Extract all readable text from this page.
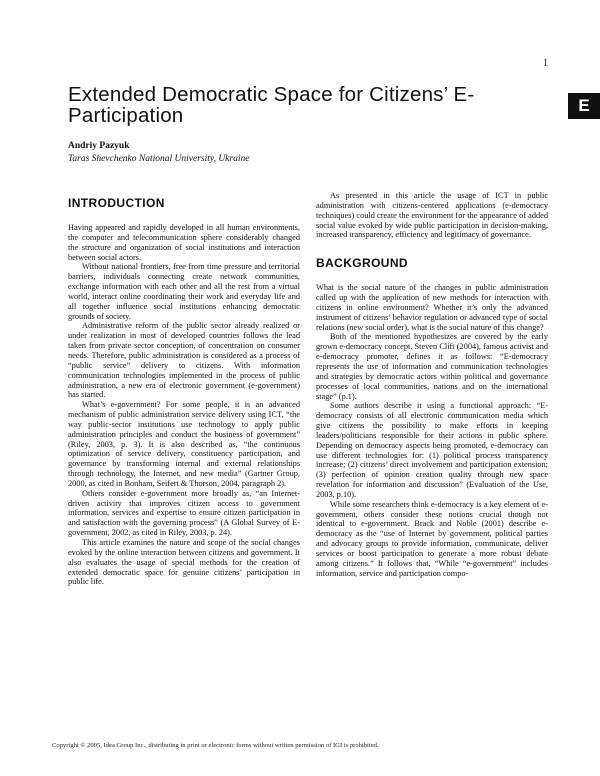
1
E
Extended Democratic Space for Citizens’ E-Participation
Andriy Pazyuk
Taras Shevchenko National University, Ukraine
INTRODUCTION

Having appeared and rapidly developed in all human environments, the computer and telecommunication sphere considerably changed the structure and organization of social institutions and interaction between social actors.

Without national frontiers, free from time pressure and territorial barriers, individuals connecting create network communities, exchange information with each other and all the rest from a virtual world, interact online coordinating their work and everyday life and all together influence social institutions enhancing democratic grounds of society.

Administrative reform of the public sector already realized or under realization in most of developed countries follows the lead taken from private sector conception, of concentration on consumer needs. Therefore, public administration is considered as a process of “public service” delivery to citizens. With information communication technologies implemented in the process of public administration, a new era of electronic government (e-government) has started.

What’s e-government? For some people, it is an advanced mechanism of public administration service delivery using ICT, “the way public-sector institutions use technology to apply public administration principles and conduct the business of government” (Riley, 2003, p. 3). It is also described as, “the continuous optimization of service delivery, constituency participation, and governance by transforming internal and external relationships through technology, the Internet, and new media” (Gartner Group, 2000, as cited in Bonham, Seifert & Thorson, 2004, paragraph 2).

Others consider e-government more broadly as, “an Internet-driven activity that improves citizen access to government information, services and expertise to ensure citizen participation in and satisfaction with the governing process” (A Global Survey of E-government, 2002, as cited in Riley, 2003, p. 24).

This article examines the nature and scope of the social changes evoked by the online interaction between citizens and government. It also evaluates the usage of special methods for the creation of extended democratic space for genuine citizens’ participation in public life.

As presented in this article the usage of ICT in public administration with citizens-centered applications (e-democracy techniques) could create the environment for the appearance of added social value evoked by wide public participation in decision-making, increased transparency, efficiency and legitimacy of governance.

BACKGROUND

What is the social nature of the changes in public administration called up with the application of new methods for interaction with citizens in online environment? Whether it’s only the advanced instrument of citizens’ behavior regulation or advanced type of social relations (new social order), what is the social nature of this change?

Both of the mentioned hypothesizes are covered by the early grown e-democracy concept. Steven Clift (2004), famous activist and e-democracy promoter, defines it as follows: “E-democracy represents the use of information and communication technologies and strategies by democratic actors within political and governance processes of local communities, nations and on the international stage” (p.1).

Some authors describe it using a functional approach: “E-democracy consists of all electronic communication media which give citizens the possibility to make efforts in keeping leaders/politicians responsible for their actions in public sphere. Depending on democracy aspects being promoted, e-democracy can use different technologies for: (1) political process transparency increase; (2) citizens’ direct involvement and participation extension; (3) perfection of opinion creation quality through new space revelation for information and discussion” (Evaluation of the Use, 2003, p.10).

While some researchers think e-democracy is a key element of e-government, others consider these notions crucial though not identical to e-government. Brack and Noble (2001) describe e-democracy as the “use of Internet by government, political parties and advocacy groups to provide information, communicate, deliver services or boost participation to generate a more robust debate among citizens.” It follows that, “While “e-government” includes information, service and participation compo-

Copyright © 2005, Idea Group Inc., distributing in print or electronic forms without written permission of IGI is prohibited.
